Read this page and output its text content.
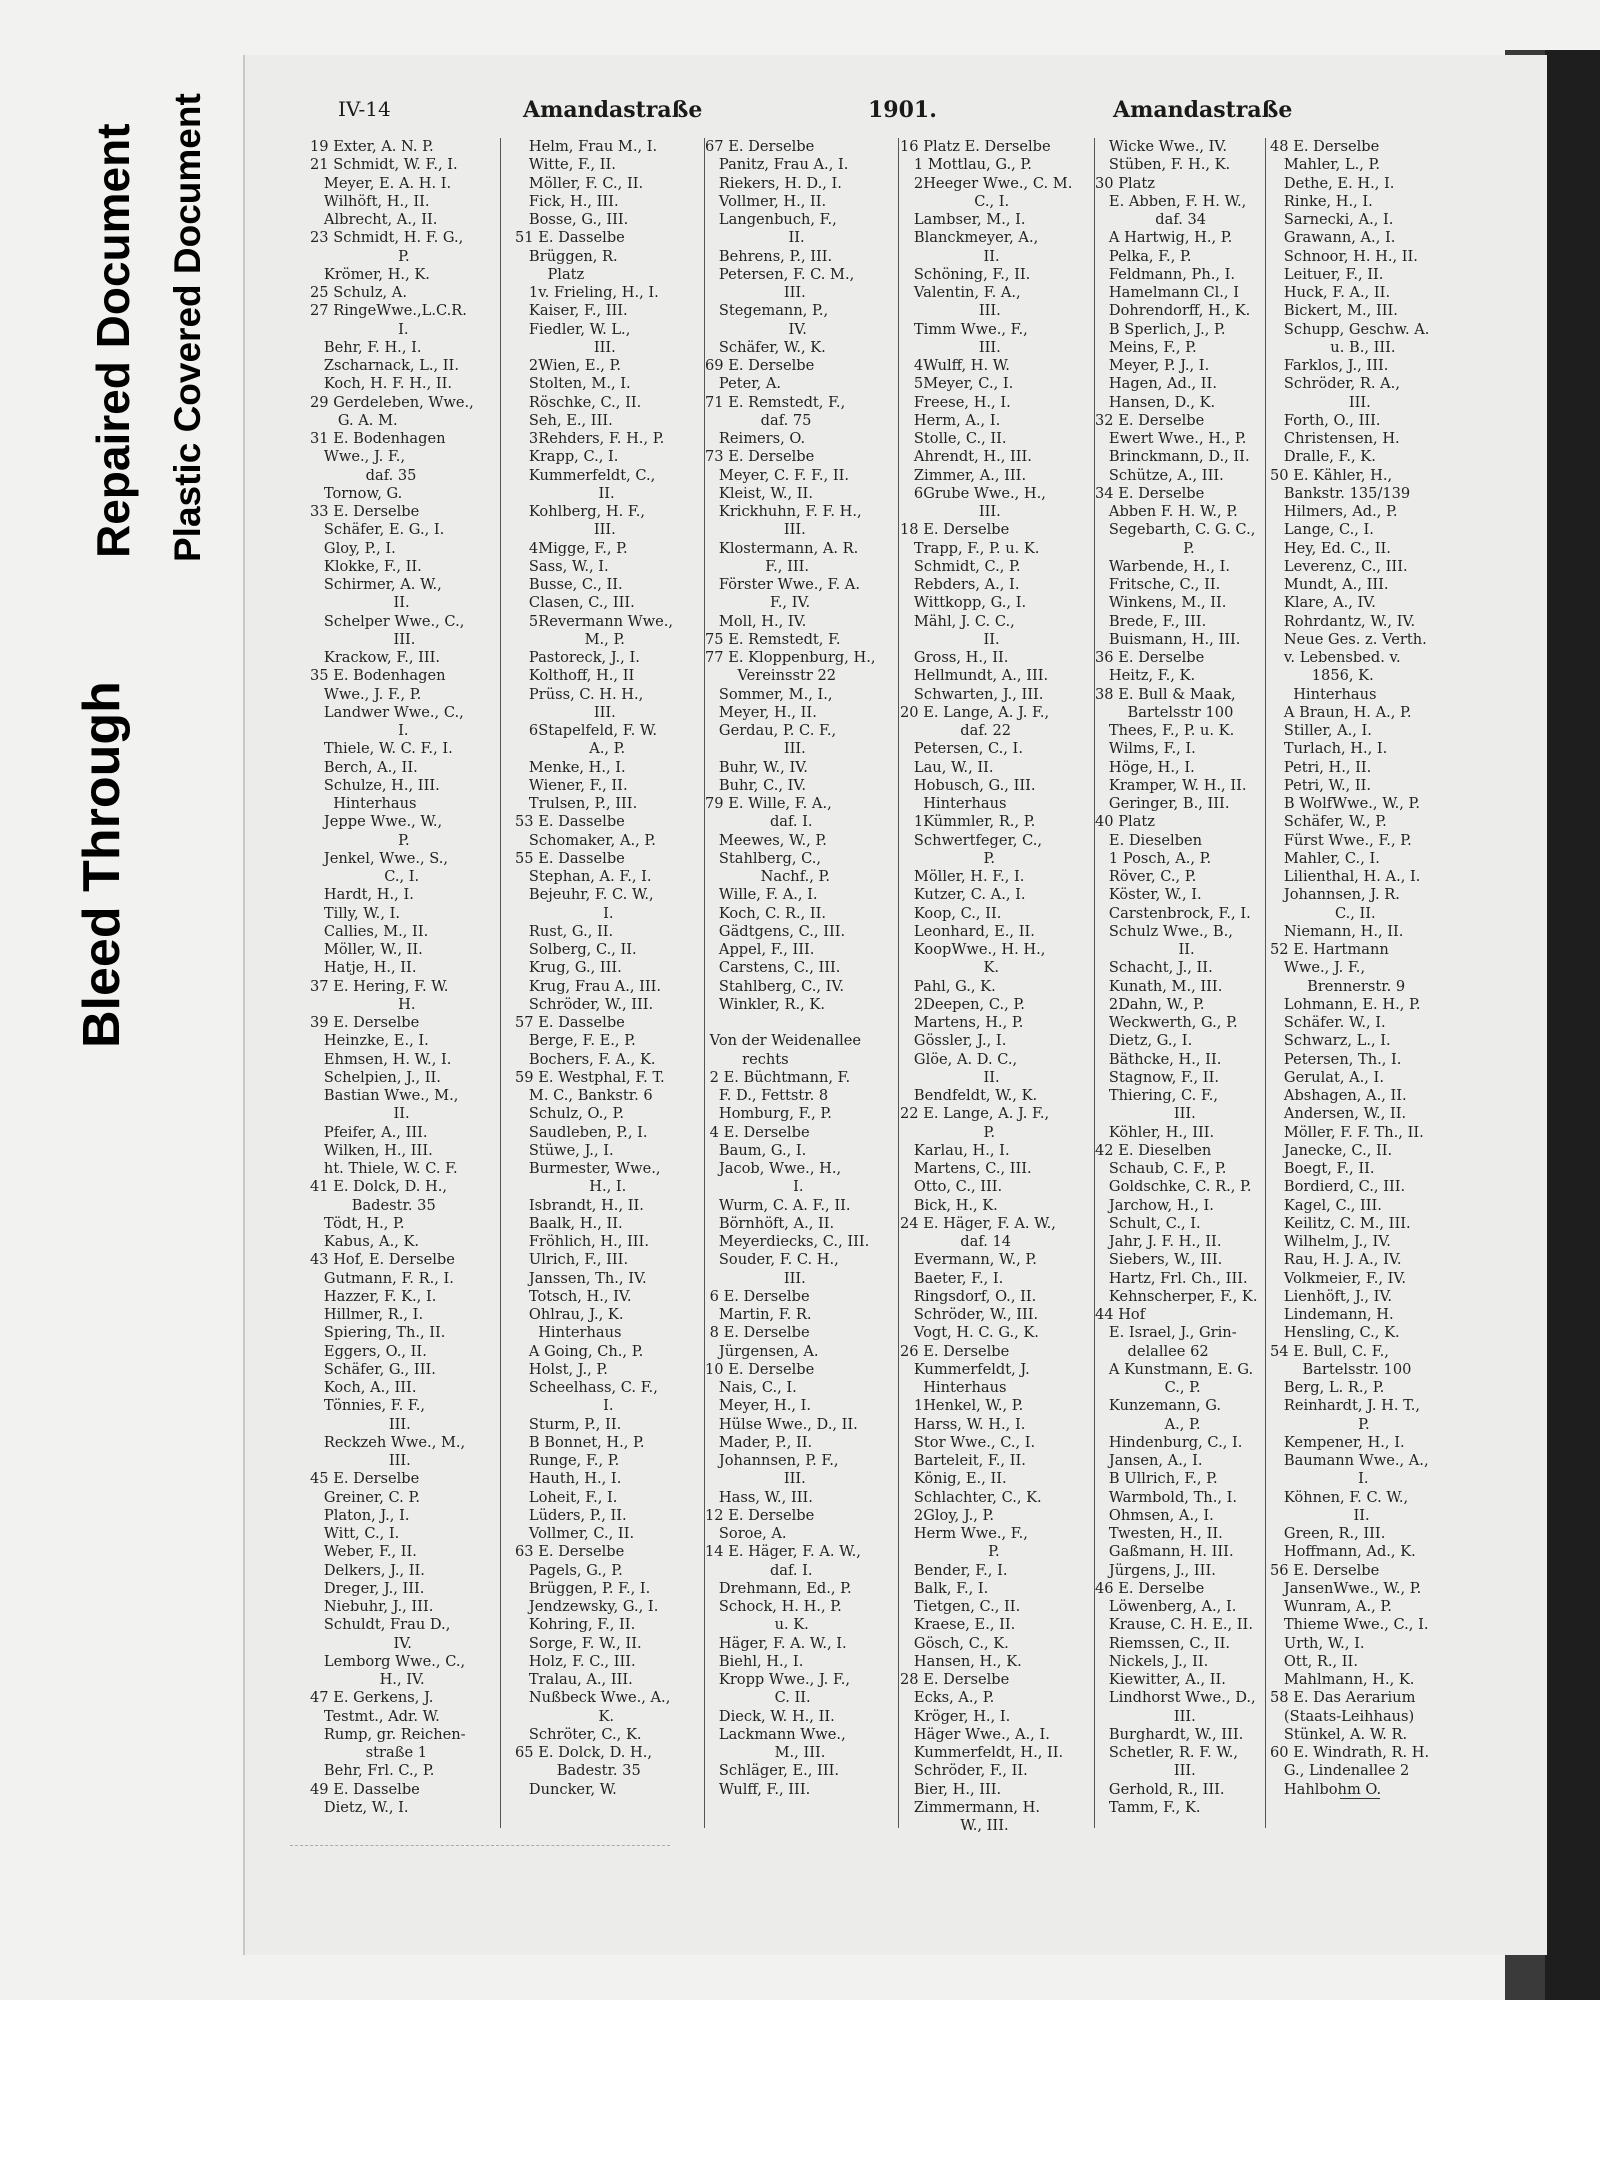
Bleed Through
Repaired Document Plastic Covered Document	IV-14	Amandastraße	1901.	Amandastraße
19 Exter, A. N. P.
21 Schmidt, W. F., I.
Meyer, E. A. H. I.
Wilhöft, H., II.
Albrecht, A., II.
23 Schmidt, H. F. G.,
P.
Krömer, H., K.
25 Schulz, A.
27 RingeWwe.,L.C.R.
I.
Behr, F. H., I.
Zscharnack, L., II.
Koch, H. F. H., II.
29 Gerdeleben, Wwe.,
G. A. M.
31 E. Bodenhagen
Wwe., J. F.,
daf. 35
Tornow, G.
33 E. Derselbe
Schäfer, E. G., I.
Gloy, P., I.
Klokke, F., II.
Schirmer, A. W.,
II.
Schelper Wwe., C.,
III.
Krackow, F., III.
35 E. Bodenhagen
Wwe., J. F., P.
Landwer Wwe., C.,
I.
Thiele, W. C. F., I.
Berch, A., II.
Schulze, H., III.
Hinterhaus
Jeppe Wwe., W.,
P.
Jenkel, Wwe., S.,
C., I.
Hardt, H., I.
Tilly, W., I.
Callies, M., II.
Möller, W., II.
Hatje, H., II.
37 E. Hering, F. W.
H.
39 E. Derselbe
Heinzke, E., I.
Ehmsen, H. W., I.
Schelpien, J., II.
Bastian Wwe., M.,
II.
Pfeifer, A., III.
Wilken, H., III.
ht. Thiele, W. C. F.
41 E. Dolck, D. H.,
Badestr. 35
Tödt, H., P.
Kabus, A., K.
43 Hof, E. Derselbe
Gutmann, F. R., I.
Hazzer, F. K., I.
Hillmer, R., I.
Spiering, Th., II.
Eggers, O., II.
Schäfer, G., III.
Koch, A., III.
Tönnies, F. F.,
III.
Reckzeh Wwe., M.,
III.
45 E. Derselbe
Greiner, C. P.
Platon, J., I.
Witt, C., I.
Weber, F., II.
Delkers, J., II.
Dreger, J., III.
Niebuhr, J., III.
Schuldt, Frau D.,
IV.
Lemborg Wwe., C.,
H., IV.
47 E. Gerkens, J.
Testmt., Adr. W.
Rump, gr. Reichen-
straße 1
Behr, Frl. C., P.
49 E. Dasselbe
Dietz, W., I.
Helm, Frau M., I.
Witte, F., II.
Möller, F. C., II.
Fick, H., III.
Bosse, G., III.
51 E. Dasselbe
Brüggen, R.
Platz
1v. Frieling, H., I.
Kaiser, F., III.
Fiedler, W. L.,
III.
2Wien, E., P.
Stolten, M., I.
Röschke, C., II.
Seh, E., III.
3Rehders, F. H., P.
Krapp, C., I.
Kummerfeldt, C.,
II.
Kohlberg, H. F.,
III.
4Migge, F., P.
Sass, W., I.
Busse, C., II.
Clasen, C., III.
5Revermann Wwe.,
M., P.
Pastoreck, J., I.
Kolthoff, H., II
Prüss, C. H. H.,
III.
6Stapelfeld, F. W.
A., P.
Menke, H., I.
Wiener, F., II.
Trulsen, P., III.
53 E. Dasselbe
Schomaker, A., P.
55 E. Dasselbe
Stephan, A. F., I.
Bejeuhr, F. C. W.,
I.
Rust, G., II.
Solberg, C., II.
Krug, G., III.
Krug, Frau A., III.
Schröder, W., III.
57 E. Dasselbe
Berge, F. E., P.
Bochers, F. A., K.
59 E. Westphal, F. T.
M. C., Bankstr. 6
Schulz, O., P.
Saudleben, P., I.
Stüwe, J., I.
Burmester, Wwe.,
H., I.
Isbrandt, H., II.
Baalk, H., II.
Fröhlich, H., III.
Ulrich, F., III.
Janssen, Th., IV.
Totsch, H., IV.
Ohlrau, J., K.
Hinterhaus
A Going, Ch., P.
Holst, J., P.
Scheelhass, C. F.,
I.
Sturm, P., II.
B Bonnet, H., P.
Runge, F., P.
Hauth, H., I.
Loheit, F., I.
Lüders, P., II.
Vollmer, C., II.
63 E. Derselbe
Pagels, G., P.
Brüggen, P. F., I.
Jendzewsky, G., I.
Kohring, F., II.
Sorge, F. W., II.
Holz, F. C., III.
Tralau, A., III.
Nußbeck Wwe., A.,
K.
Schröter, C., K.
65 E. Dolck, D. H.,
Badestr. 35
Duncker, W.
67 E. Derselbe
Panitz, Frau A., I.
Riekers, H. D., I.
Vollmer, H., II.
Langenbuch, F.,
II.
Behrens, P., III.
Petersen, F. C. M.,
III.
Stegemann, P.,
IV.
Schäfer, W., K.
69 E. Derselbe
Peter, A.
71 E. Remstedt, F.,
daf. 75
Reimers, O.
73 E. Derselbe
Meyer, C. F. F., II.
Kleist, W., II.
Krickhuhn, F. F. H.,
III.
Klostermann, A. R.
F., III.
Förster Wwe., F. A.
F., IV.
Moll, H., IV.
75 E. Remstedt, F.
77 E. Kloppenburg, H.,
Vereinsstr 22
Sommer, M., I.,
Meyer, H., II.
Gerdau, P. C. F.,
III.
Buhr, W., IV.
Buhr, C., IV.
79 E. Wille, F. A.,
daf. I.
Meewes, W., P.
Stahlberg, C.,
Nachf., P.
Wille, F. A., I.
Koch, C. R., II.
Gädtgens, C., III.
Appel, F., III.
Carstens, C., III.
Stahlberg, C., IV.
Winkler, R., K.

Von der Weidenallee
rechts
2 E. Büchtmann, F.
F. D., Fettstr. 8
Homburg, F., P.
4 E. Derselbe
Baum, G., I.
Jacob, Wwe., H.,
I.
Wurm, C. A. F., II.
Börnhöft, A., II.
Meyerdiecks, C., III.
Souder, F. C. H.,
III.
6 E. Derselbe
Martin, F. R.
8 E. Derselbe
Jürgensen, A.
10 E. Derselbe
Nais, C., I.
Meyer, H., I.
Hülse Wwe., D., II.
Mader, P., II.
Johannsen, P. F.,
III.
Hass, W., III.
12 E. Derselbe
Soroe, A.
14 E. Häger, F. A. W.,
daf. I.
Drehmann, Ed., P.
Schock, H. H., P.
u. K.
Häger, F. A. W., I.
Biehl, H., I.
Kropp Wwe., J. F.,
C. II.
Dieck, W. H., II.
Lackmann Wwe.,
M., III.
Schläger, E., III.
Wulff, F., III.
16 Platz E. Derselbe
1 Mottlau, G., P.
2Heeger Wwe., C. M.
C., I.
Lambser, M., I.
Blanckmeyer, A.,
II.
Schöning, F., II.
Valentin, F. A.,
III.
Timm Wwe., F.,
III.
4Wulff, H. W.
5Meyer, C., I.
Freese, H., I.
Herm, A., I.
Stolle, C., II.
Ahrendt, H., III.
Zimmer, A., III.
6Grube Wwe., H.,
III.
18 E. Derselbe
Trapp, F., P. u. K.
Schmidt, C., P.
Rebders, A., I.
Wittkopp, G., I.
Mähl, J. C. C.,
II.
Gross, H., II.
Hellmundt, A., III.
Schwarten, J., III.
20 E. Lange, A. J. F.,
daf. 22
Petersen, C., I.
Lau, W., II.
Hobusch, G., III.
Hinterhaus
1Kümmler, R., P.
Schwertfeger, C.,
P.
Möller, H. F., I.
Kutzer, C. A., I.
Koop, C., II.
Leonhard, E., II.
KoopWwe., H. H.,
K.
Pahl, G., K.
2Deepen, C., P.
Martens, H., P.
Gössler, J., I.
Glöe, A. D. C.,
II.
Bendfeldt, W., K.
22 E. Lange, A. J. F.,
P.
Karlau, H., I.
Martens, C., III.
Otto, C., III.
Bick, H., K.
24 E. Häger, F. A. W.,
daf. 14
Evermann, W., P.
Baeter, F., I.
Ringsdorf, O., II.
Schröder, W., III.
Vogt, H. C. G., K.
26 E. Derselbe
Kummerfeldt, J.
Hinterhaus
1Henkel, W., P.
Harss, W. H., I.
Stor Wwe., C., I.
Barteleit, F., II.
König, E., II.
Schlachter, C., K.
2Gloy, J., P.
Herm Wwe., F.,
P.
Bender, F., I.
Balk, F., I.
Tietgen, C., II.
Kraese, E., II.
Gösch, C., K.
Hansen, H., K.
28 E. Derselbe
Ecks, A., P.
Kröger, H., I.
Häger Wwe., A., I.
Kummerfeldt, H., II.
Schröder, F., II.
Bier, H., III.
Zimmermann, H.
W., III.
Wicke Wwe., IV.
Stüben, F. H., K.
30 Platz
E. Abben, F. H. W.,
daf. 34
A Hartwig, H., P.
Pelka, F., P.
Feldmann, Ph., I.
Hamelmann Cl., I
Dohrendorff, H., K.
B Sperlich, J., P.
Meins, F., P.
Meyer, P. J., I.
Hagen, Ad., II.
Hansen, D., K.
32 E. Derselbe
Ewert Wwe., H., P.
Brinckmann, D., II.
Schütze, A., III.
34 E. Derselbe
Abben F. H. W., P.
Segebarth, C. G. C.,
P.
Warbende, H., I.
Fritsche, C., II.
Winkens, M., II.
Brede, F., III.
Buismann, H., III.
36 E. Derselbe
Heitz, F., K.
38 E. Bull & Maak,
Bartelsstr 100
Thees, F., P. u. K.
Wilms, F., I.
Höge, H., I.
Kramper, W. H., II.
Geringer, B., III.
40 Platz
E. Dieselben
1 Posch, A., P.
Röver, C., P.
Köster, W., I.
Carstenbrock, F., I.
Schulz Wwe., B.,
II.
Schacht, J., II.
Kunath, M., III.
2Dahn, W., P.
Weckwerth, G., P.
Dietz, G., I.
Bäthcke, H., II.
Stagnow, F., II.
Thiering, C. F.,
III.
Köhler, H., III.
42 E. Dieselben
Schaub, C. F., P.
Goldschke, C. R., P.
Jarchow, H., I.
Schult, C., I.
Jahr, J. F. H., II.
Siebers, W., III.
Hartz, Frl. Ch., III.
Kehnscherper, F., K.
44 Hof
E. Israel, J., Grin-
delallee 62
A Kunstmann, E. G.
C., P.
Kunzemann, G.
A., P.
Hindenburg, C., I.
Jansen, A., I.
B Ullrich, F., P.
Warmbold, Th., I.
Ohmsen, A., I.
Twesten, H., II.
Gaßmann, H. III.
Jürgens, J., III.
46 E. Derselbe
Löwenberg, A., I.
Krause, C. H. E., II.
Riemssen, C., II.
Nickels, J., II.
Kiewitter, A., II.
Lindhorst Wwe., D.,
III.
Burghardt, W., III.
Schetler, R. F. W.,
III.
Gerhold, R., III.
Tamm, F., K.
48 E. Derselbe
Mahler, L., P.
Dethe, E. H., I.
Rinke, H., I.
Sarnecki, A., I.
Grawann, A., I.
Schnoor, H. H., II.
Leituer, F., II.
Huck, F. A., II.
Bickert, M., III.
Schupp, Geschw. A.
u. B., III.
Farklos, J., III.
Schröder, R. A.,
III.
Forth, O., III.
Christensen, H.
Dralle, F., K.
50 E. Kähler, H.,
Bankstr. 135/139
Hilmers, Ad., P.
Lange, C., I.
Hey, Ed. C., II.
Leverenz, C., III.
Mundt, A., III.
Klare, A., IV.
Rohrdantz, W., IV.
Neue Ges. z. Verth.
v. Lebensbed. v.
1856, K.
Hinterhaus
A Braun, H. A., P.
Stiller, A., I.
Turlach, H., I.
Petri, H., II.
Petri, W., II.
B WolfWwe., W., P.
Schäfer, W., P.
Fürst Wwe., F., P.
Mahler, C., I.
Lilienthal, H. A., I.
Johannsen, J. R.
C., II.
Niemann, H., II.
52 E. Hartmann
Wwe., J. F.,
Brennerstr. 9
Lohmann, E. H., P.
Schäfer. W., I.
Schwarz, L., I.
Petersen, Th., I.
Gerulat, A., I.
Abshagen, A., II.
Andersen, W., II.
Möller, F. F. Th., II.
Janecke, C., II.
Boegt, F., II.
Bordierd, C., III.
Kagel, C., III.
Keilitz, C. M., III.
Wilhelm, J., IV.
Rau, H. J. A., IV.
Volkmeier, F., IV.
Lienhöft, J., IV.
Lindemann, H.
Hensling, C., K.
54 E. Bull, C. F.,
Bartelsstr. 100
Berg, L. R., P.
Reinhardt, J. H. T.,
P.
Kempener, H., I.
Baumann Wwe., A.,
I.
Köhnen, F. C. W.,
II.
Green, R., III.
Hoffmann, Ad., K.
56 E. Derselbe
JansenWwe., W., P.
Wunram, A., P.
Thieme Wwe., C., I.
Urth, W., I.
Ott, R., II.
Mahlmann, H., K.
58 E. Das Aerarium
(Staats-Leihhaus)
Stünkel, A. W. R.
60 E. Windrath, R. H.
G., Lindenallee 2
Hahlbohm O.
